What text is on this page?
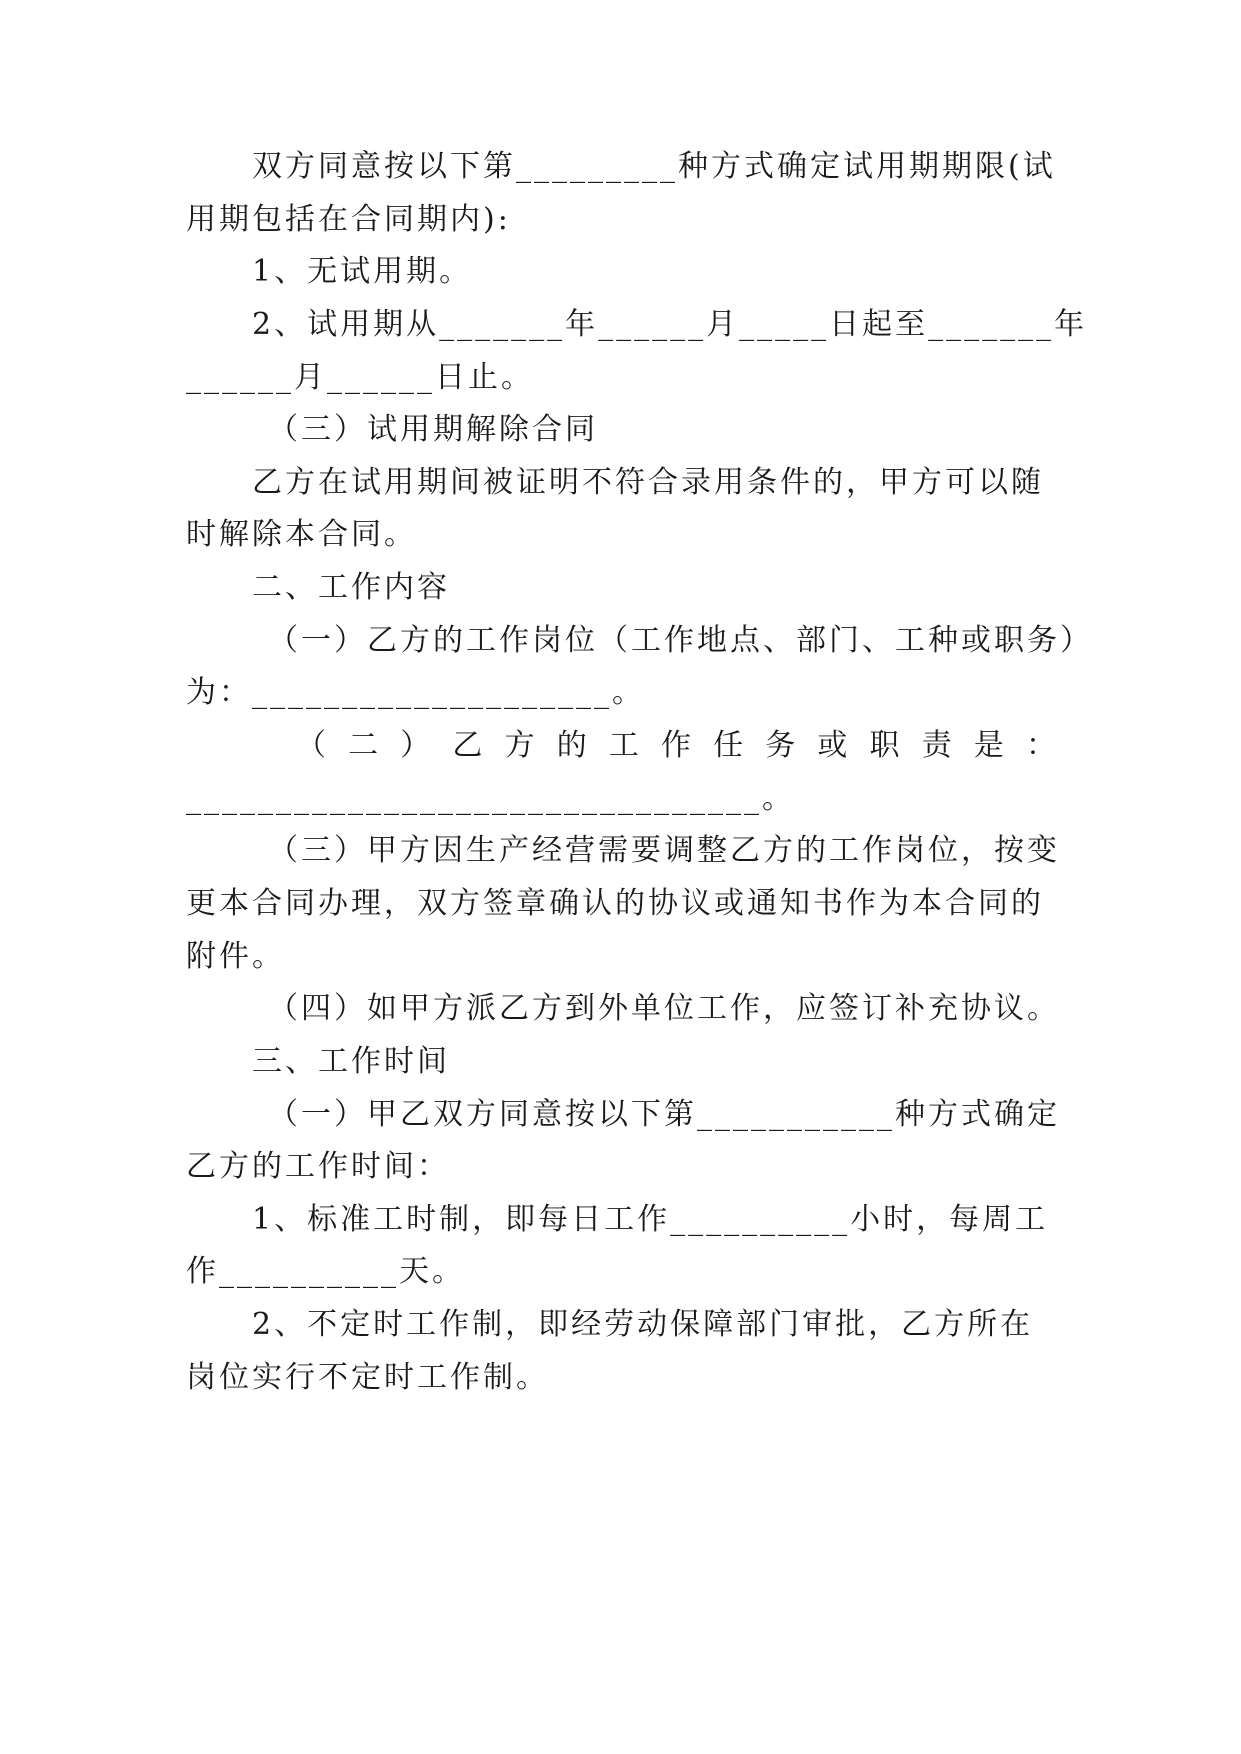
双方同意按以下第_________种方式确定试用期期限(试
用期包括在合同期内):
1、无试用期。
2、试用期从_______年______月_____日起至_______年
______月______日止。
（三）试用期解除合同
乙方在试用期间被证明不符合录用条件的，甲方可以随
时解除本合同。
二、工作内容
（一）乙方的工作岗位（工作地点、部门、工种或职务）
为：____________________。
（ 二 ） 乙 方 的 工 作 任 务 或 职 责 是 ：
________________________________。
（三）甲方因生产经营需要调整乙方的工作岗位，按变
更本合同办理，双方签章确认的协议或通知书作为本合同的
附件。
（四）如甲方派乙方到外单位工作，应签订补充协议。
三、工作时间
（一）甲乙双方同意按以下第___________种方式确定
乙方的工作时间：
1、标准工时制，即每日工作__________小时，每周工
作__________天。
2、不定时工作制，即经劳动保障部门审批，乙方所在
岗位实行不定时工作制。
